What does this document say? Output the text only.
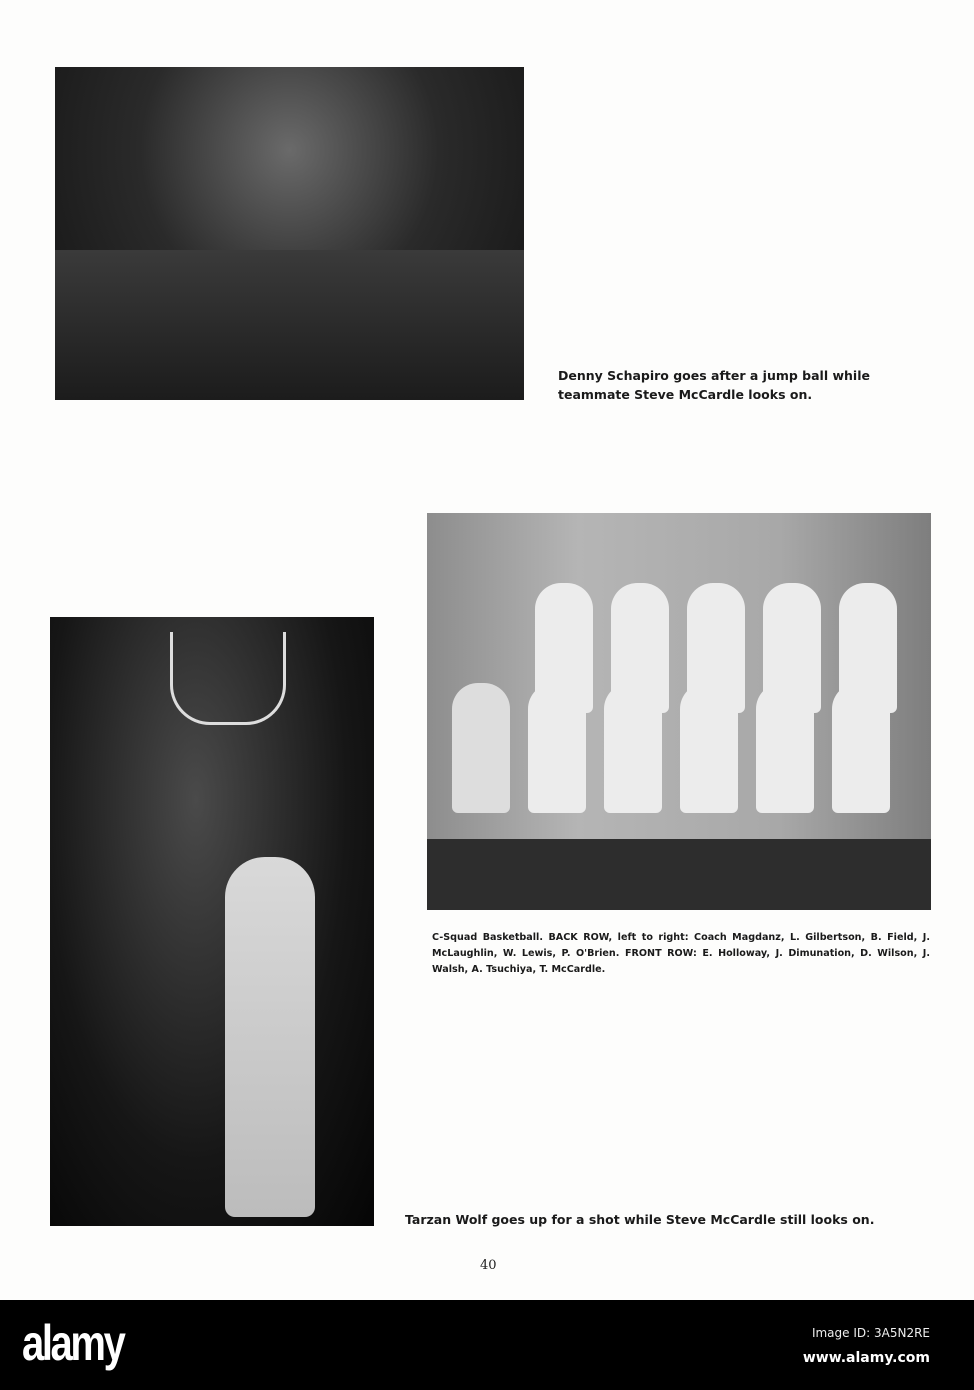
Denny Schapiro goes after a jump ball while teammate Steve McCardle looks on.
C-Squad Basketball. BACK ROW, left to right: Coach Magdanz, L. Gilbertson, B. Field, J. McLaughlin, W. Lewis, P. O'Brien. FRONT ROW: E. Holloway, J. Dimunation, D. Wilson, J. Walsh, A. Tsuchiya, T. McCardle.
Tarzan Wolf goes up for a shot while Steve McCardle still looks on.
40
alamy	Image ID: 3A5N2RE
www.alamy.com
